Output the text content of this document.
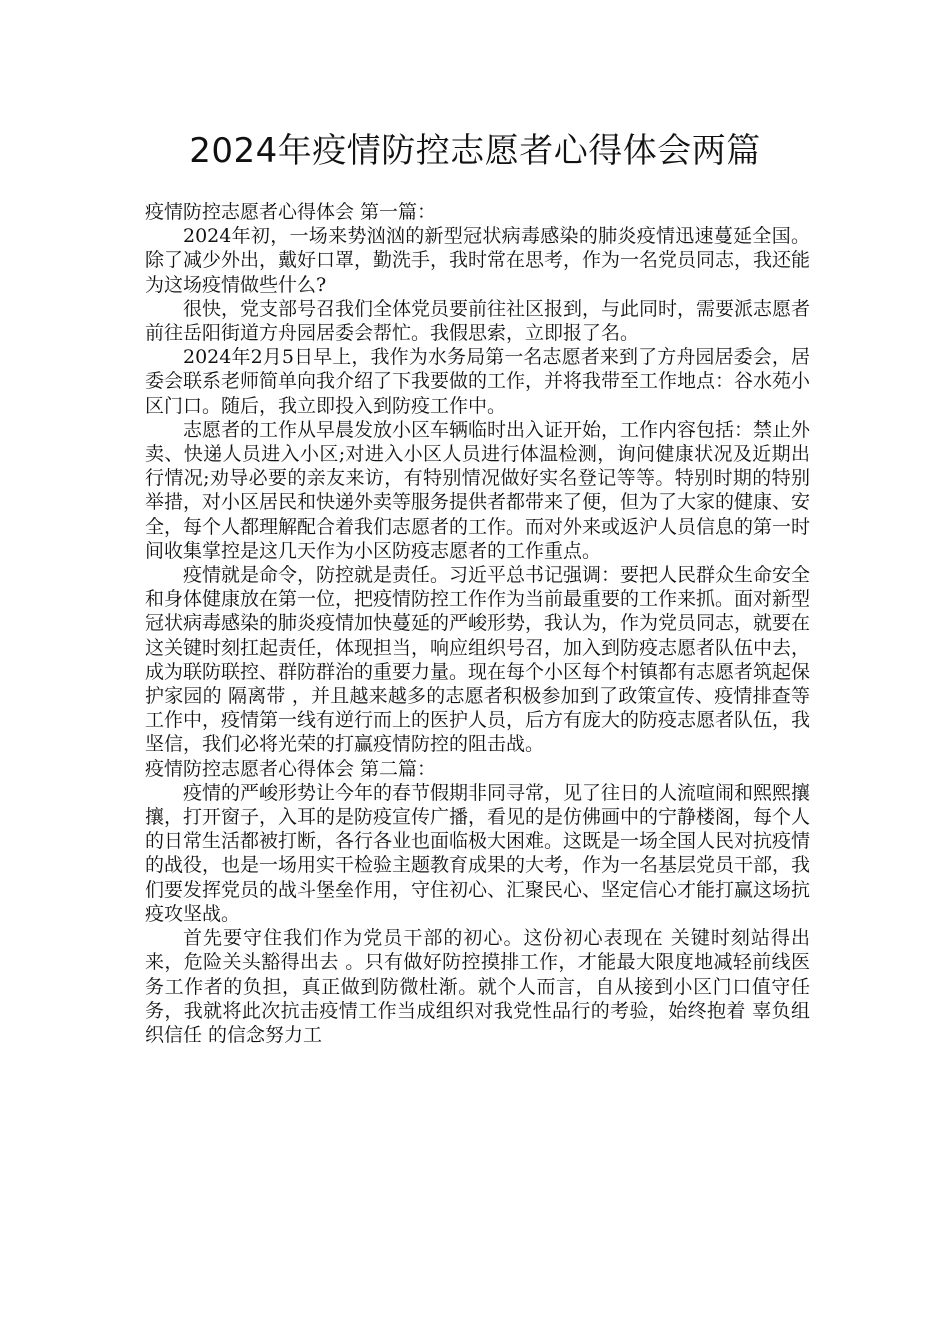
2024年疫情防控志愿者心得体会两篇

疫情防控志愿者心得体会 第一篇：

2024年初，一场来势汹汹的新型冠状病毒感染的肺炎疫情迅速蔓延全国。除了减少外出，戴好口罩，勤洗手，我时常在思考，作为一名党员同志，我还能为这场疫情做些什么?

很快，党支部号召我们全体党员要前往社区报到，与此同时，需要派志愿者前往岳阳街道方舟园居委会帮忙。我假思索，立即报了名。

2024年2月5日早上，我作为水务局第一名志愿者来到了方舟园居委会，居委会联系老师简单向我介绍了下我要做的工作，并将我带至工作地点：谷水苑小区门口。随后，我立即投入到防疫工作中。

志愿者的工作从早晨发放小区车辆临时出入证开始，工作内容包括：禁止外卖、快递人员进入小区;对进入小区人员进行体温检测，询问健康状况及近期出行情况;劝导必要的亲友来访，有特别情况做好实名登记等等。特别时期的特别举措，对小区居民和快递外卖等服务提供者都带来了便，但为了大家的健康、安全，每个人都理解配合着我们志愿者的工作。而对外来或返沪人员信息的第一时间收集掌控是这几天作为小区防疫志愿者的工作重点。

疫情就是命令，防控就是责任。习近平总书记强调：要把人民群众生命安全和身体健康放在第一位，把疫情防控工作作为当前最重要的工作来抓。面对新型冠状病毒感染的肺炎疫情加快蔓延的严峻形势，我认为，作为党员同志，就要在这关键时刻扛起责任，体现担当，响应组织号召，加入到防疫志愿者队伍中去，成为联防联控、群防群治的重要力量。现在每个小区每个村镇都有志愿者筑起保护家园的 隔离带 ，并且越来越多的志愿者积极参加到了政策宣传、疫情排查等工作中，疫情第一线有逆行而上的医护人员，后方有庞大的防疫志愿者队伍，我坚信，我们必将光荣的打赢疫情防控的阻击战。

疫情防控志愿者心得体会 第二篇：

疫情的严峻形势让今年的春节假期非同寻常，见了往日的人流喧闹和熙熙攘攘，打开窗子，入耳的是防疫宣传广播，看见的是仿佛画中的宁静楼阁，每个人的日常生活都被打断，各行各业也面临极大困难。这既是一场全国人民对抗疫情的战役，也是一场用实干检验主题教育成果的大考，作为一名基层党员干部，我们要发挥党员的战斗堡垒作用，守住初心、汇聚民心、坚定信心才能打赢这场抗疫攻坚战。

首先要守住我们作为党员干部的初心。这份初心表现在 关键时刻站得出来，危险关头豁得出去 。只有做好防控摸排工作，才能最大限度地减轻前线医务工作者的负担，真正做到防微杜渐。就个人而言，自从接到小区门口值守任务，我就将此次抗击疫情工作当成组织对我党性品行的考验，始终抱着 辜负组织信任 的信念努力工
